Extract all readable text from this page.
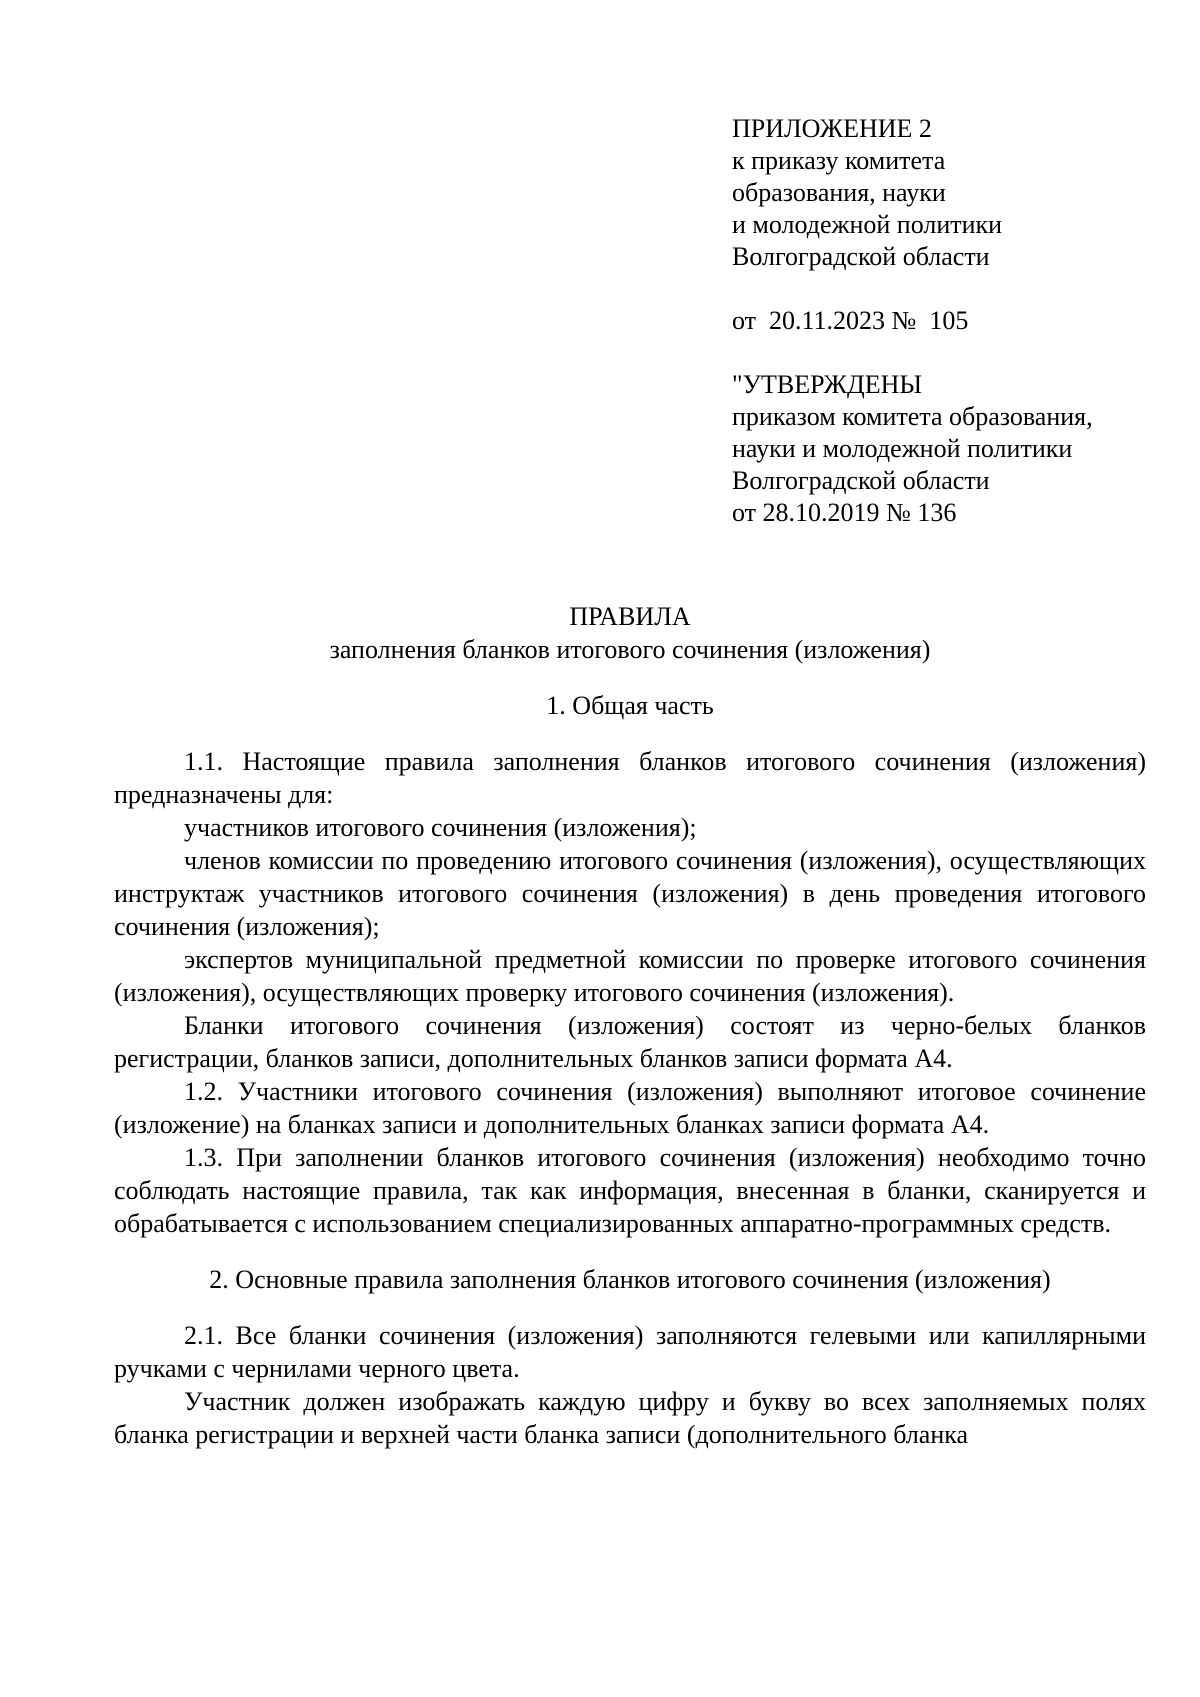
ПРИЛОЖЕНИЕ 2
к приказу комитета
образования, науки
и молодежной политики
Волгоградской области
от  20.11.2023 №  105
"УТВЕРЖДЕНЫ
приказом комитета образования,
науки и молодежной политики
Волгоградской области
от 28.10.2019 № 136
ПРАВИЛА
заполнения бланков итогового сочинения (изложения)
1. Общая часть

1.1. Настоящие правила заполнения бланков итогового сочинения (изложения) предназначены для:

участников итогового сочинения (изложения);

членов комиссии по проведению итогового сочинения (изложения), осуществляющих инструктаж участников итогового сочинения (изложения) в день проведения итогового сочинения (изложения);

экспертов муниципальной предметной комиссии по проверке итогового сочинения (изложения), осуществляющих проверку итогового сочинения (изложения).

Бланки итогового сочинения (изложения) состоят из черно-белых бланков регистрации, бланков записи, дополнительных бланков записи формата А4.

1.2. Участники итогового сочинения (изложения) выполняют итоговое сочинение (изложение) на бланках записи и дополнительных бланках записи формата А4.

1.3. При заполнении бланков итогового сочинения (изложения) необходимо точно соблюдать настоящие правила, так как информация, внесенная в бланки, сканируется и обрабатывается с использованием специализированных аппаратно-программных средств.

2. Основные правила заполнения бланков итогового сочинения (изложения)

2.1. Все бланки сочинения (изложения) заполняются гелевыми или капиллярными ручками с чернилами черного цвета.

Участник должен изображать каждую цифру и букву во всех заполняемых полях бланка регистрации и верхней части бланка записи (дополнительного бланка
